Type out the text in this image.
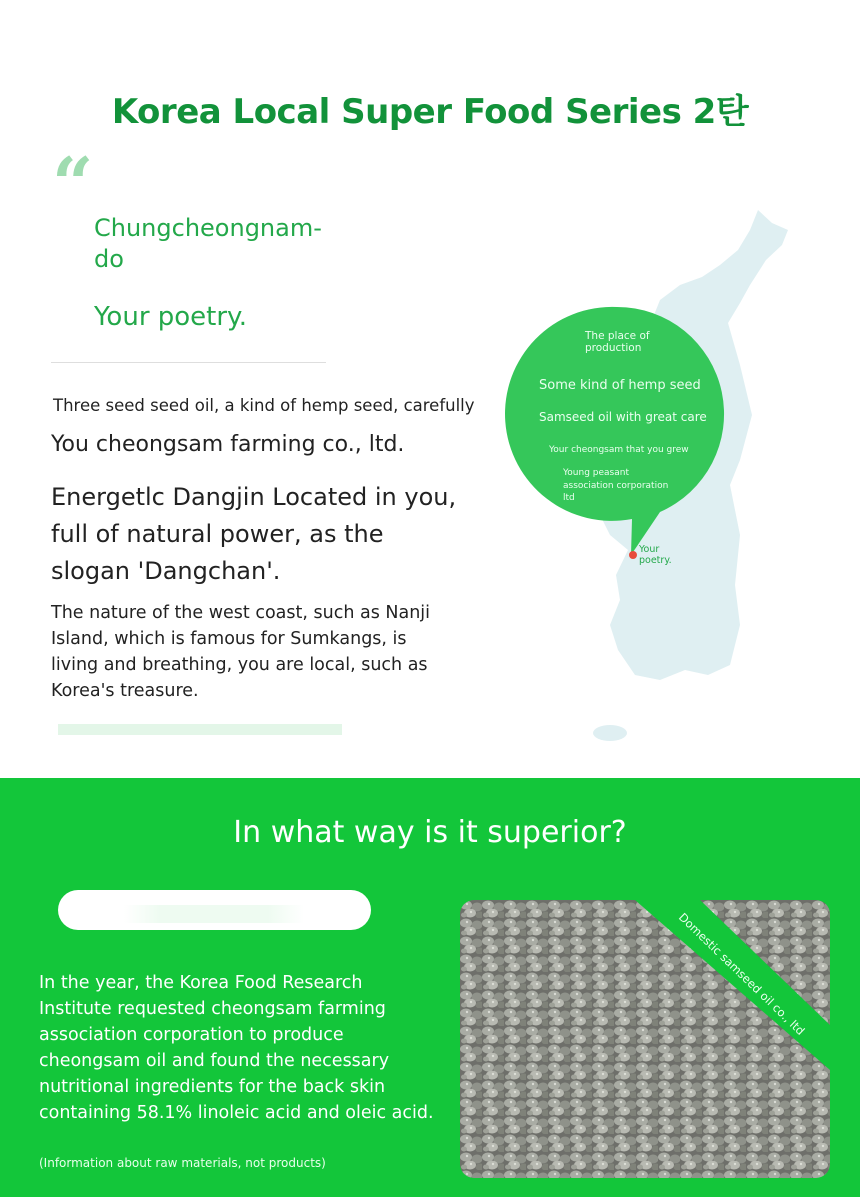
Korea Local Super Food Series 2탄
“
Chungcheongnam-do
Your poetry.
Three seed seed oil, a kind of hemp seed, carefully
You cheongsam farming co., ltd.
Energetlc Dangjin Located in you, full of natural power, as the slogan 'Dangchan'.
The nature of the west coast, such as Nanji Island, which is famous for Sumkangs, is living and breathing, you are local, such as Korea's treasure.
The place of production
Some kind of hemp seed
Samseed oil with great care
Your cheongsam that you grew
Young peasant association corporation ltd
Your poetry.
In what way is it superior?
In the year, the Korea Food Research Institute requested cheongsam farming association corporation to produce cheongsam oil and found the necessary nutritional ingredients for the back skin containing 58.1% linoleic acid and oleic acid.
(Information about raw materials, not products)
Domestic samseed oil co., ltd
